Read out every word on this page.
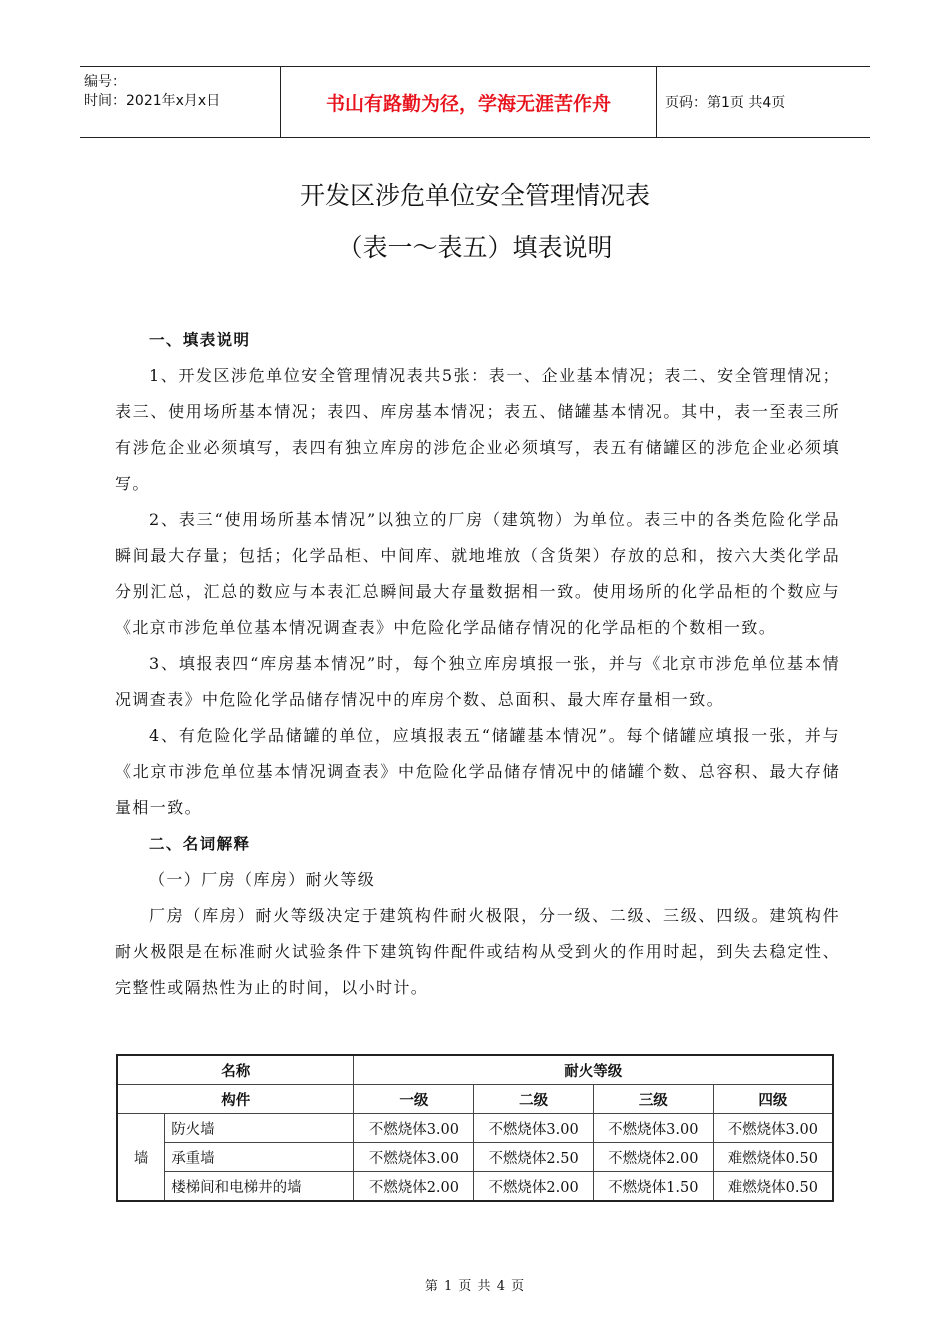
编号：
时间：2021年x月x日	书山有路勤为径，学海无涯苦作舟	页码：第1页 共4页
开发区涉危单位安全管理情况表
（表一～表五）填表说明

一、填表说明

1、开发区涉危单位安全管理情况表共5张：表一、企业基本情况；表二、安全管理情况；表三、使用场所基本情况；表四、库房基本情况；表五、储罐基本情况。其中，表一至表三所有涉危企业必须填写，表四有独立库房的涉危企业必须填写，表五有储罐区的涉危企业必须填写。

2、表三“使用场所基本情况”以独立的厂房（建筑物）为单位。表三中的各类危险化学品瞬间最大存量；包括；化学品柜、中间库、就地堆放（含货架）存放的总和，按六大类化学品分别汇总，汇总的数应与本表汇总瞬间最大存量数据相一致。使用场所的化学品柜的个数应与《北京市涉危单位基本情况调查表》中危险化学品储存情况的化学品柜的个数相一致。

3、填报表四“库房基本情况”时，每个独立库房填报一张，并与《北京市涉危单位基本情况调查表》中危险化学品储存情况中的库房个数、总面积、最大库存量相一致。

4、有危险化学品储罐的单位，应填报表五“储罐基本情况”。每个储罐应填报一张，并与《北京市涉危单位基本情况调查表》中危险化学品储存情况中的储罐个数、总容积、最大存储量相一致。

二、名词解释

（一）厂房（库房）耐火等级

厂房（库房）耐火等级决定于建筑构件耐火极限，分一级、二级、三级、四级。建筑构件耐火极限是在标准耐火试验条件下建筑钩件配件或结构从受到火的作用时起，到失去稳定性、完整性或隔热性为止的时间，以小时计。

名称		耐火等级			
构件		一级	二级	三级	四级
墙	防火墙	不燃烧体3.00	不燃烧体3.00	不燃烧体3.00	不燃烧体3.00
	承重墙	不燃烧体3.00	不燃烧体2.50	不燃烧体2.00	难燃烧体0.50
	楼梯间和电梯井的墙	不燃烧体2.00	不燃烧体2.00	不燃烧体1.50	难燃烧体0.50
第 1 页 共 4 页
